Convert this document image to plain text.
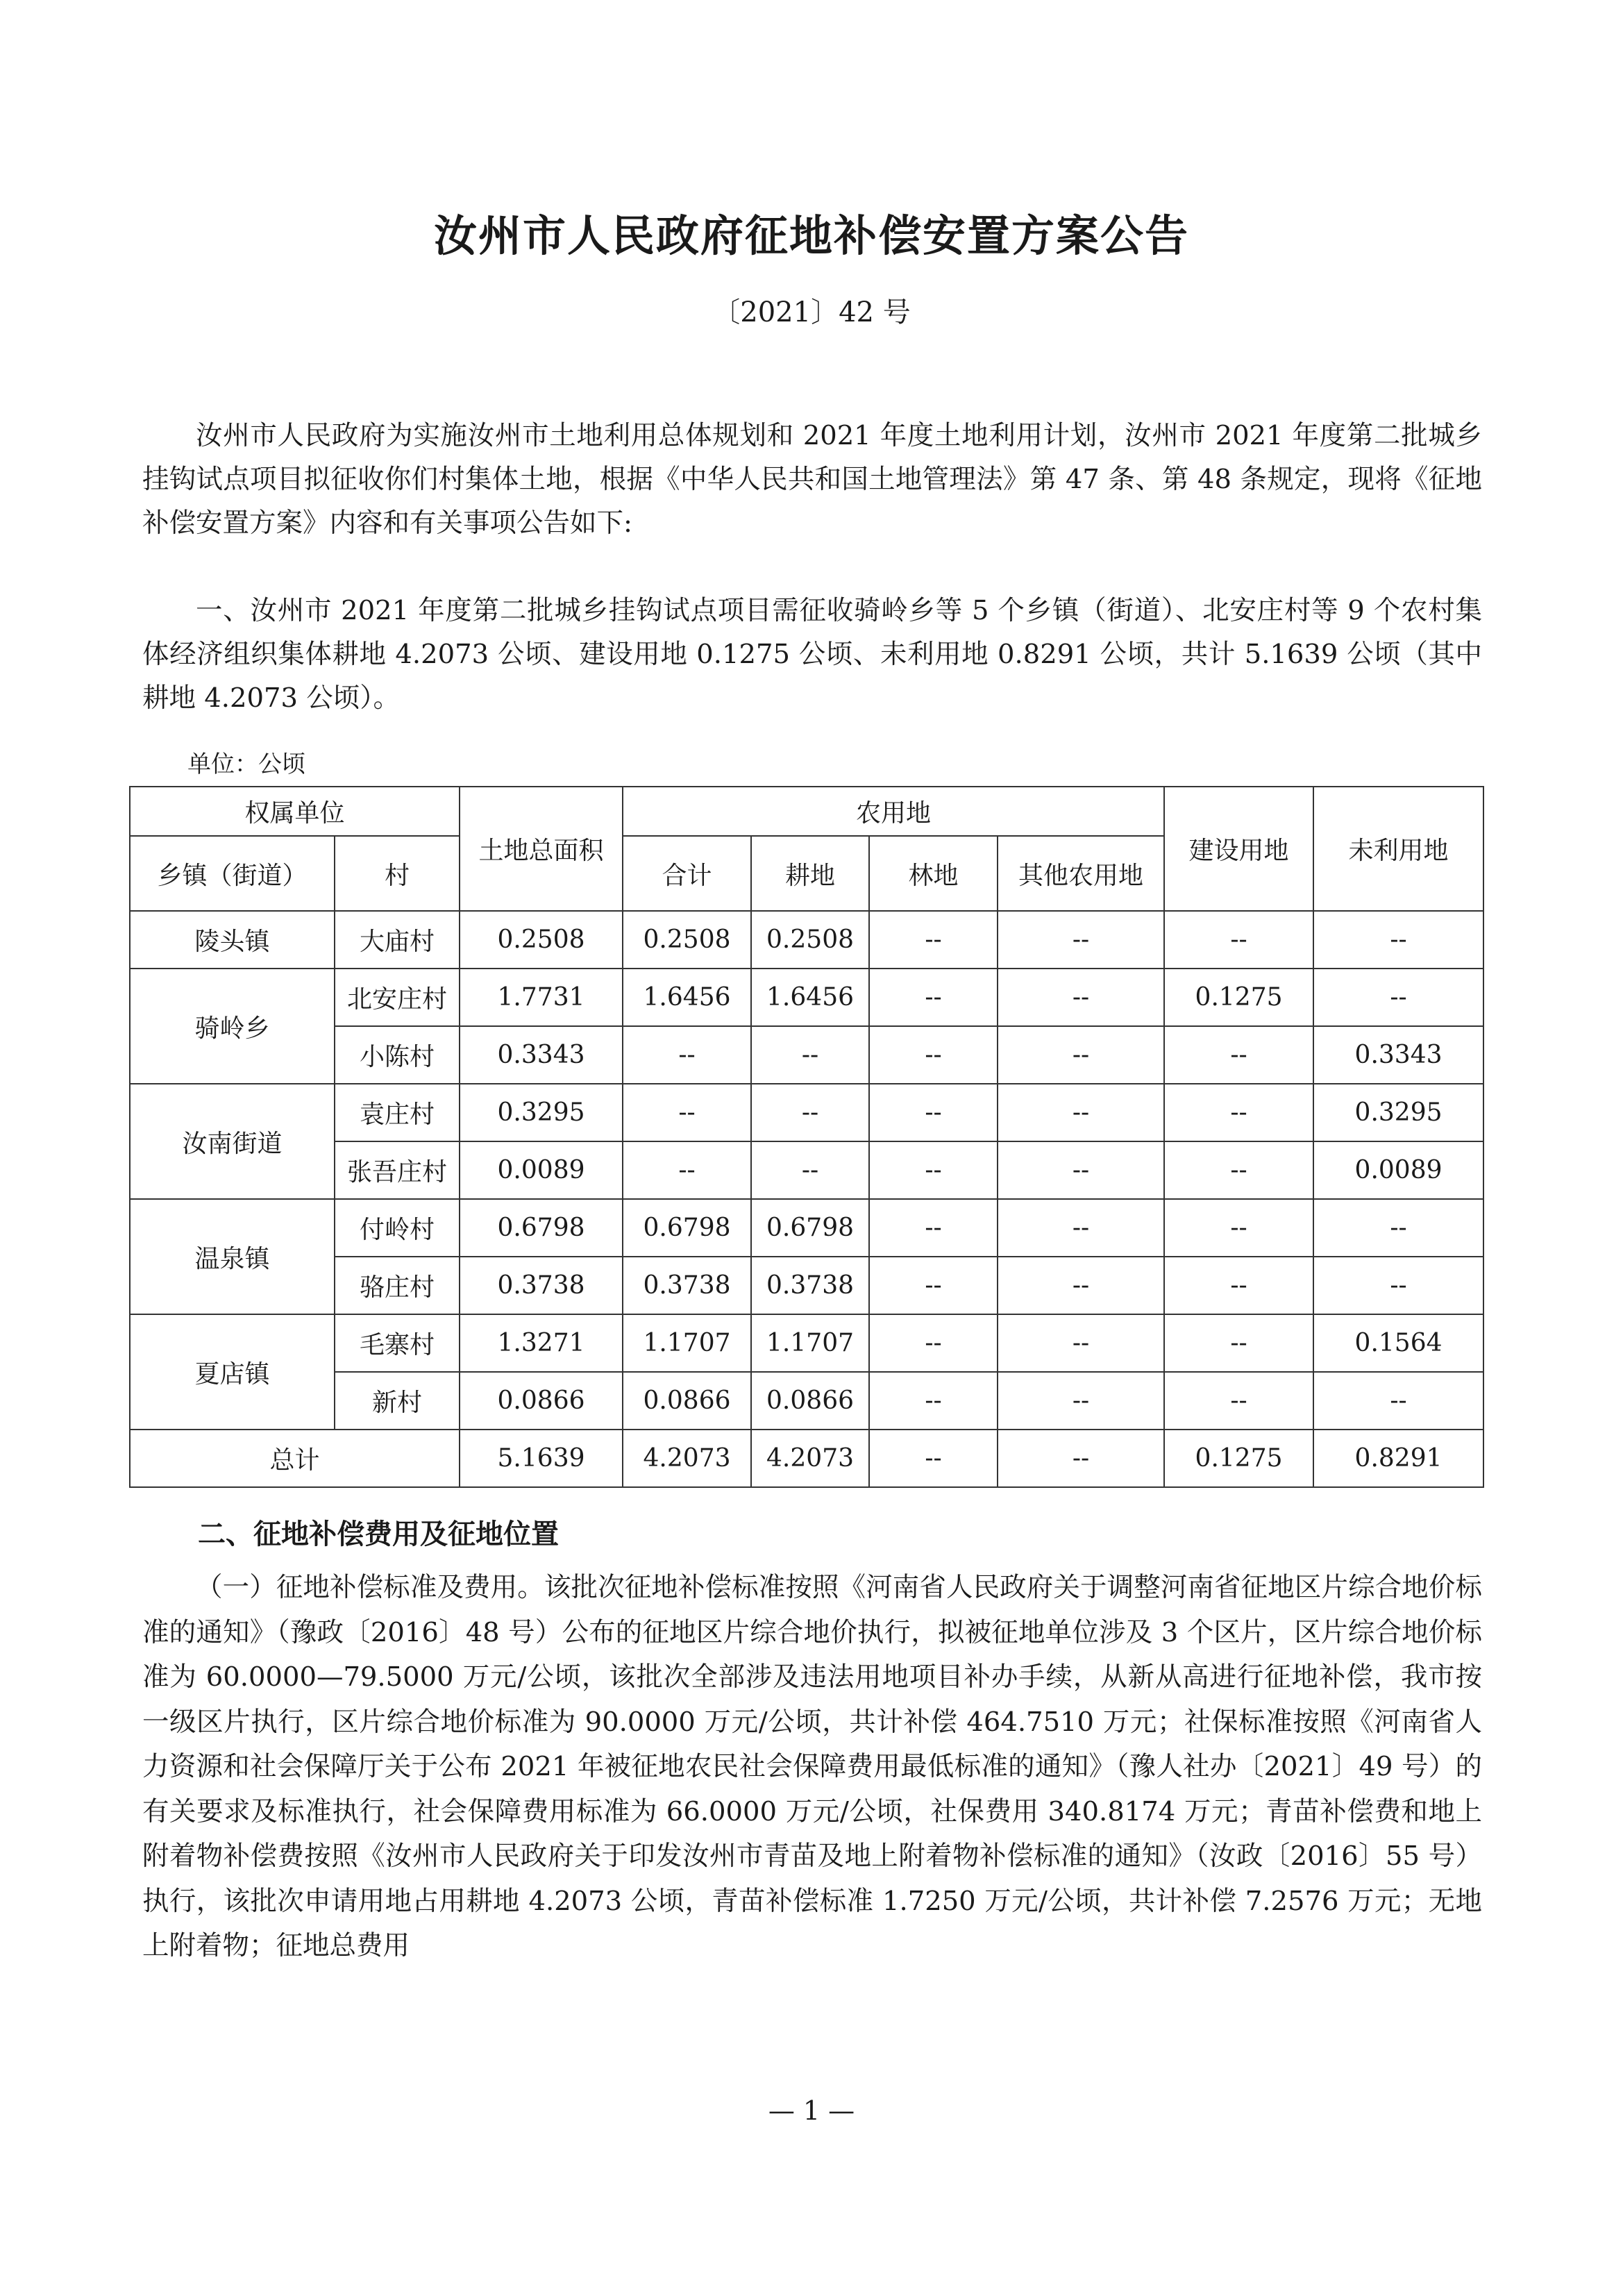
汝州市人民政府征地补偿安置方案公告
〔2021〕42 号

汝州市人民政府为实施汝州市土地利用总体规划和 2021 年度土地利用计划，汝州市 2021 年度第二批城乡挂钩试点项目拟征收你们村集体土地，根据《中华人民共和国土地管理法》第 47 条、第 48 条规定，现将《征地补偿安置方案》内容和有关事项公告如下:

一、汝州市 2021 年度第二批城乡挂钩试点项目需征收骑岭乡等 5 个乡镇（街道）、北安庄村等 9 个农村集体经济组织集体耕地 4.2073 公顷、建设用地 0.1275 公顷、未利用地 0.8291 公顷，共计 5.1639 公顷（其中耕地 4.2073 公顷）。

单位：公顷
权属单位		土地总面积	农用地				建设用地	未利用地
乡镇（街道）	村		合计	耕地	林地	其他农用地		
陵头镇	大庙村	0.2508	0.2508	0.2508	--	--	--	--
骑岭乡	北安庄村	1.7731	1.6456	1.6456	--	--	0.1275	--
	小陈村	0.3343	--	--	--	--	--	0.3343
汝南街道	袁庄村	0.3295	--	--	--	--	--	0.3295
	张吾庄村	0.0089	--	--	--	--	--	0.0089
温泉镇	付岭村	0.6798	0.6798	0.6798	--	--	--	--
	骆庄村	0.3738	0.3738	0.3738	--	--	--	--
夏店镇	毛寨村	1.3271	1.1707	1.1707	--	--	--	0.1564
	新村	0.0866	0.0866	0.0866	--	--	--	--
总计		5.1639	4.2073	4.2073	--	--	0.1275	0.8291
二、征地补偿费用及征地位置

（一）征地补偿标准及费用。该批次征地补偿标准按照《河南省人民政府关于调整河南省征地区片综合地价标准的通知》（豫政〔2016〕48 号）公布的征地区片综合地价执行，拟被征地单位涉及 3 个区片，区片综合地价标准为 60.0000—79.5000 万元/公顷，该批次全部涉及违法用地项目补办手续，从新从高进行征地补偿，我市按一级区片执行，区片综合地价标准为 90.0000 万元/公顷，共计补偿 464.7510 万元；社保标准按照《河南省人力资源和社会保障厅关于公布 2021 年被征地农民社会保障费用最低标准的通知》（豫人社办〔2021〕49 号）的有关要求及标准执行，社会保障费用标准为 66.0000 万元/公顷，社保费用 340.8174 万元；青苗补偿费和地上附着物补偿费按照《汝州市人民政府关于印发汝州市青苗及地上附着物补偿标准的通知》（汝政〔2016〕55 号）执行，该批次申请用地占用耕地 4.2073 公顷，青苗补偿标准 1.7250 万元/公顷，共计补偿 7.2576 万元；无地上附着物；征地总费用

— 1 —
